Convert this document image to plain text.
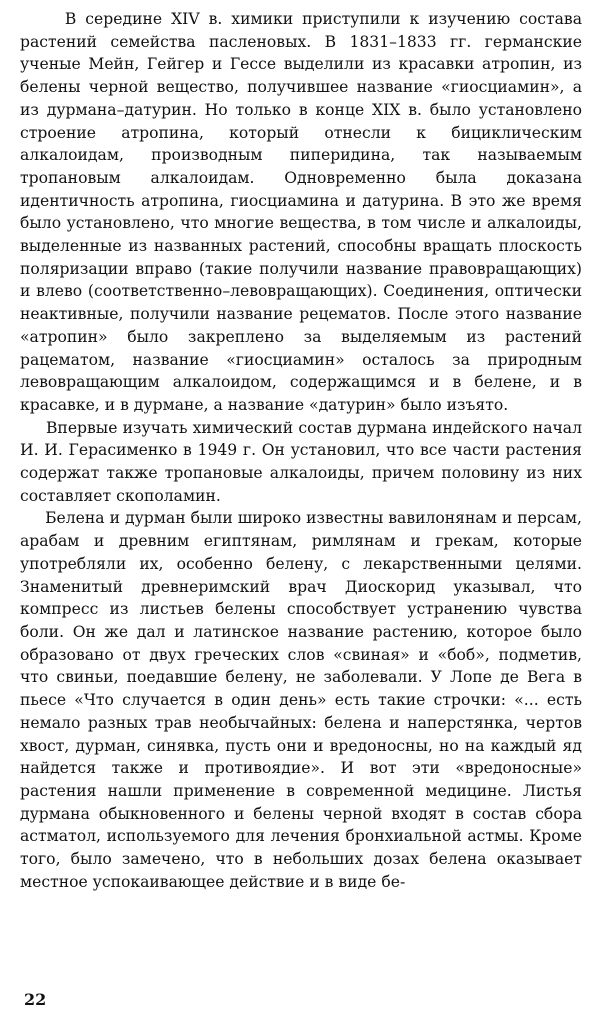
В середине XIV в. химики приступили к изучению состава растений семейства пасленовых. В 1831–1833 гг. германские ученые Мейн, Гейгер и Гессе выделили из красавки атропин, из белены черной вещество, получившее название «гиосциамин», а из дурмана–датурин. Но только в конце XIX в. было установлено строение атропина, который отнесли к бициклическим алкалоидам, производным пиперидина, так называемым тропановым алкалоидам. Одновременно была доказана идентичность атропина, гиосциамина и датурина. В это же время было установлено, что многие вещества, в том числе и алкалоиды, выделенные из названных растений, способны вращать плоскость поляризации вправо (такие получили название правовращающих) и влево (соответственно–левовращающих). Соединения, оптически неактивные, получили название рецематов. После этого название «атропин» было закреплено за выделяемым из растений рацематом, название «гиосциамин» осталось за природным левовращающим алкалоидом, содержащимся и в белене, и в красавке, и в дурмане, а название «датурин» было изъято.

Впервые изучать химический состав дурмана индейского начал И. И. Герасименко в 1949 г. Он установил, что все части растения содержат также тропановые алкалоиды, причем половину из них составляет скополамин.

Белена и дурман были широко известны вавилонянам и персам, арабам и древним египтянам, римлянам и грекам, которые употребляли их, особенно белену, с лекарственными целями. Знаменитый древнеримский врач Диоскорид указывал, что компресс из листьев белены способствует устранению чувства боли. Он же дал и латинское название растению, которое было образовано от двух греческих слов «свиная» и «боб», подметив, что свиньи, поедавшие белену, не заболевали. У Лопе де Вега в пьесе «Что случается в один день» есть такие строчки: «... есть немало разных трав необычайных: белена и наперстянка, чертов хвост, дурман, синявка, пусть они и вредоносны, но на каждый яд найдется также и противоядие». И вот эти «вредоносные» растения нашли применение в современной медицине. Листья дурмана обыкновенного и белены черной входят в состав сбора астматол, используемого для лечения бронхиальной астмы. Кроме того, было замечено, что в небольших дозах белена оказывает местное успокаивающее действие и в виде бе-

22
